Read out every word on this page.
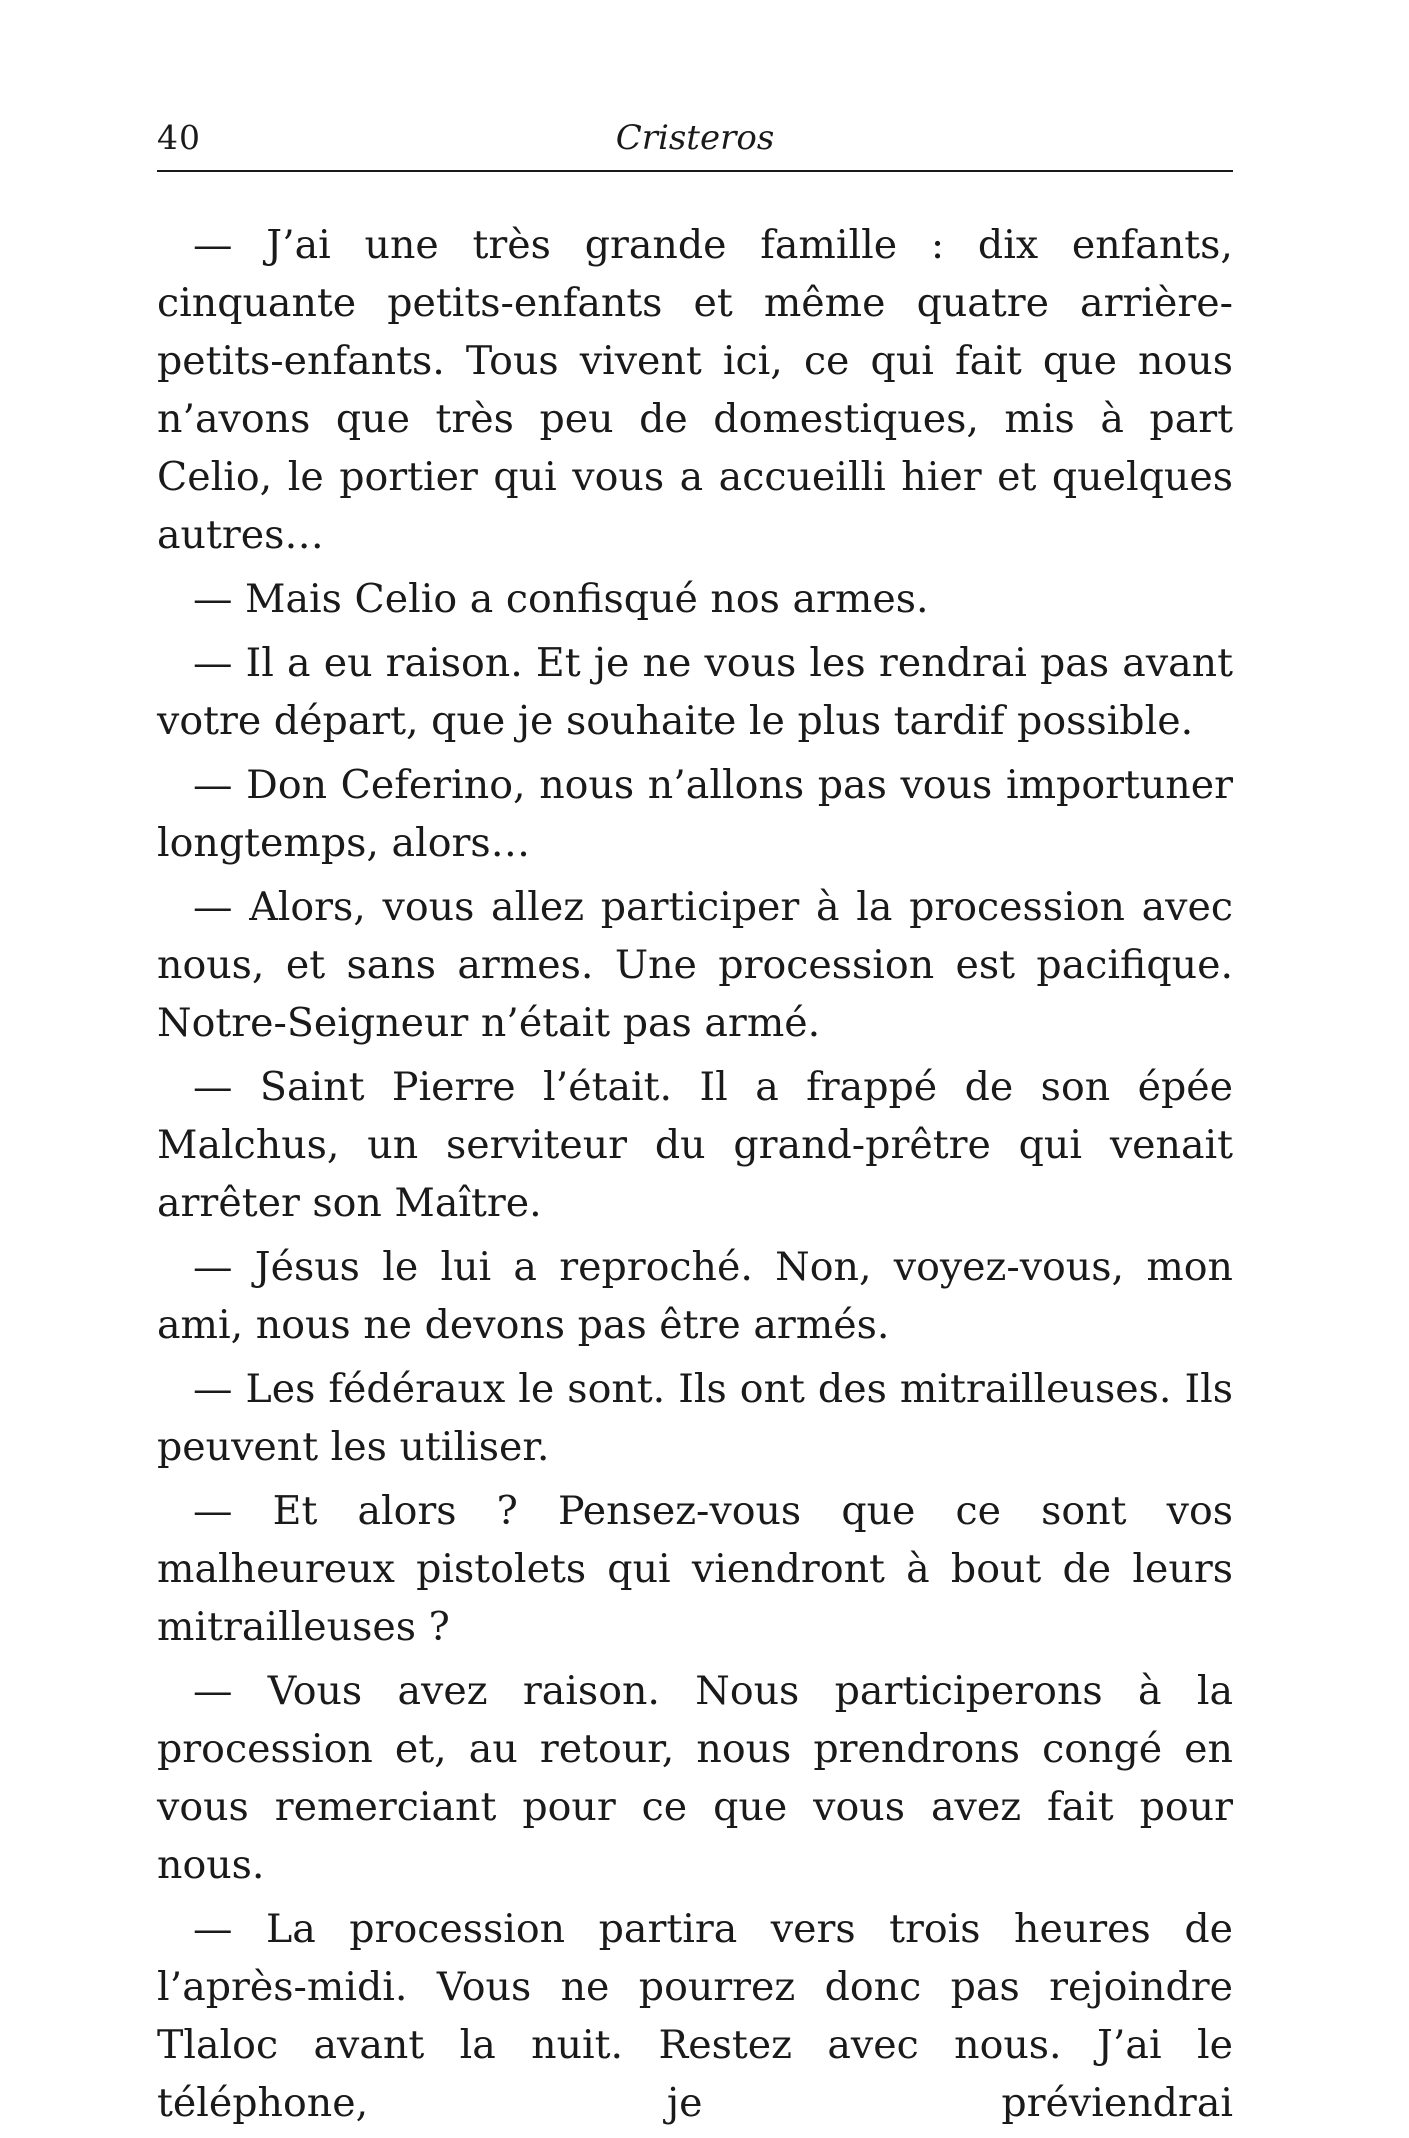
40	Cristeros

— J’ai une très grande famille : dix enfants, cinquante petits-enfants et même quatre arrière-petits-enfants. Tous vivent ici, ce qui fait que nous n’avons que très peu de domestiques, mis à part Celio, le portier qui vous a accueilli hier et quelques autres…

— Mais Celio a confisqué nos armes.

— Il a eu raison. Et je ne vous les rendrai pas avant votre départ, que je souhaite le plus tardif possible.

— Don Ceferino, nous n’allons pas vous importuner longtemps, alors…

— Alors, vous allez participer à la procession avec nous, et sans armes. Une procession est pacifique. Notre-Seigneur n’était pas armé.

— Saint Pierre l’était. Il a frappé de son épée Malchus, un serviteur du grand-prêtre qui venait arrêter son Maître.

— Jésus le lui a reproché. Non, voyez-vous, mon ami, nous ne devons pas être armés.

— Les fédéraux le sont. Ils ont des mitrailleuses. Ils peuvent les utiliser.

— Et alors ? Pensez-vous que ce sont vos malheureux pistolets qui viendront à bout de leurs mitrailleuses ?

— Vous avez raison. Nous participerons à la procession et, au retour, nous prendrons congé en vous remerciant pour ce que vous avez fait pour nous.

— La procession partira vers trois heures de l’après-midi. Vous ne pourrez donc pas rejoindre Tlaloc avant la nuit. Restez avec nous. J’ai le téléphone, je préviendrai
